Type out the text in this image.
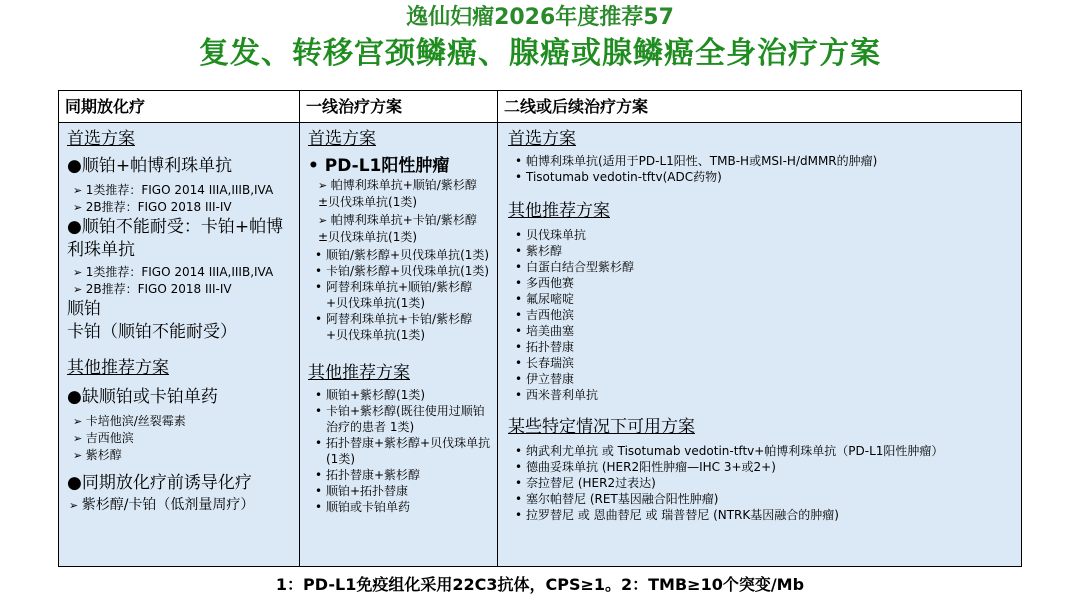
逸仙妇瘤2026年度推荐57
复发、转移宫颈鳞癌、腺癌或腺鳞癌全身治疗方案
同期放化疗	一线治疗方案	二线或后续治疗方案
首选方案
●顺铂+帕博利珠单抗
➢ 1类推荐：FIGO 2014 IIIA,IIIB,IVA
➢ 2B推荐：FIGO 2018 III-IV
●顺铂不能耐受：卡铂+帕博利珠单抗
➢ 1类推荐：FIGO 2014 IIIA,IIIB,IVA
➢ 2B推荐：FIGO 2018 III-IV
顺铂
卡铂（顺铂不能耐受）
其他推荐方案
●缺顺铂或卡铂单药
➢ 卡培他滨/丝裂霉素
➢ 吉西他滨
➢ 紫杉醇
●同期放化疗前诱导化疗
➢ 紫杉醇/卡铂（低剂量周疗）
首选方案
• PD-L1阳性肿瘤
➢ 帕博利珠单抗+顺铂/紫杉醇±贝伐珠单抗(1类)
➢ 帕博利珠单抗+卡铂/紫杉醇±贝伐珠单抗(1类)
• 顺铂/紫杉醇+贝伐珠单抗(1类)
• 卡铂/紫杉醇+贝伐珠单抗(1类)
• 阿替利珠单抗+顺铂/紫杉醇+贝伐珠单抗(1类)
• 阿替利珠单抗+卡铂/紫杉醇+贝伐珠单抗(1类)
其他推荐方案
• 顺铂+紫杉醇(1类)
• 卡铂+紫杉醇(既往使用过顺铂治疗的患者 1类)
• 拓扑替康+紫杉醇+贝伐珠单抗(1类)
• 拓扑替康+紫杉醇
• 顺铂+拓扑替康
• 顺铂或卡铂单药
首选方案
• 帕博利珠单抗(适用于PD-L1阳性、TMB-H或MSI-H/dMMR的肿瘤)
• Tisotumab vedotin-tftv(ADC药物)
其他推荐方案
• 贝伐珠单抗
• 紫杉醇
• 白蛋白结合型紫杉醇
• 多西他赛
• 氟尿嘧啶
• 吉西他滨
• 培美曲塞
• 拓扑替康
• 长春瑞滨
• 伊立替康
• 西米普利单抗
某些特定情况下可用方案
• 纳武利尤单抗 或 Tisotumab vedotin-tftv+帕博利珠单抗（PD-L1阳性肿瘤）
• 德曲妥珠单抗 (HER2阳性肿瘤—IHC 3+或2+)
• 奈拉替尼 (HER2过表达)
• 塞尔帕替尼 (RET基因融合阳性肿瘤)
• 拉罗替尼 或 恩曲替尼 或 瑞普替尼 (NTRK基因融合的肿瘤)
1：PD-L1免疫组化采用22C3抗体，CPS≥1。2：TMB≥10个突变/Mb
